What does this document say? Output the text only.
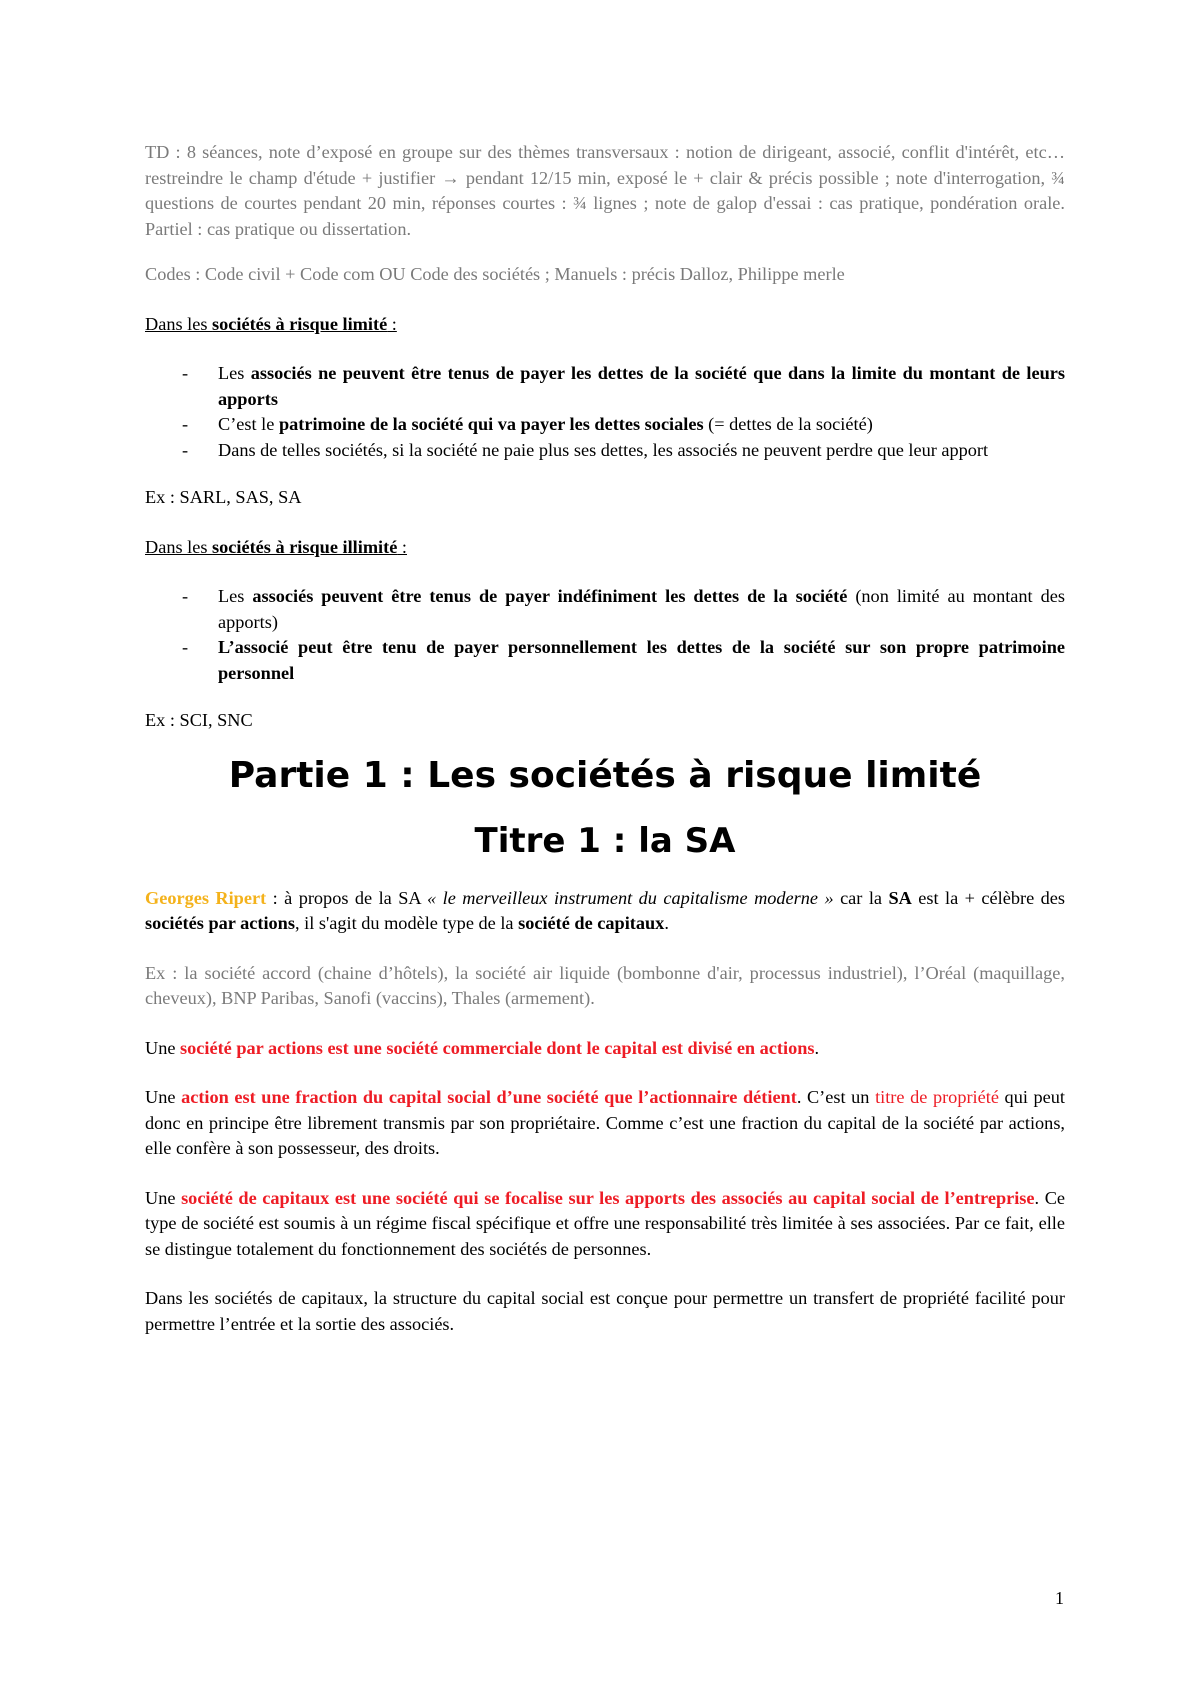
TD : 8 séances, note d’exposé en groupe sur des thèmes transversaux : notion de dirigeant, associé, conflit d'intérêt, etc… restreindre le champ d'étude + justifier → pendant 12/15 min, exposé le + clair & précis possible ; note d'interrogation, ¾ questions de courtes pendant 20 min, réponses courtes : ¾ lignes ; note de galop d'essai : cas pratique, pondération orale. Partiel : cas pratique ou dissertation.

Codes : Code civil + Code com OU Code des sociétés ; Manuels : précis Dalloz, Philippe merle

Dans les sociétés à risque limité :

- Les associés ne peuvent être tenus de payer les dettes de la société que dans la limite du montant de leurs apports
- C’est le patrimoine de la société qui va payer les dettes sociales (= dettes de la société)
- Dans de telles sociétés, si la société ne paie plus ses dettes, les associés ne peuvent perdre que leur apport

Ex : SARL, SAS, SA

Dans les sociétés à risque illimité :

- Les associés peuvent être tenus de payer indéfiniment les dettes de la société (non limité au montant des apports)
- L’associé peut être tenu de payer personnellement les dettes de la société sur son propre patrimoine personnel

Ex : SCI, SNC

Partie 1 : Les sociétés à risque limité
Titre 1 : la SA

Georges Ripert : à propos de la SA « le merveilleux instrument du capitalisme moderne » car la SA est la + célèbre des sociétés par actions, il s'agit du modèle type de la société de capitaux.

Ex : la société accord (chaine d’hôtels), la société air liquide (bombonne d'air, processus industriel), l’Oréal (maquillage, cheveux), BNP Paribas, Sanofi (vaccins), Thales (armement).

Une société par actions est une société commerciale dont le capital est divisé en actions.

Une action est une fraction du capital social d’une société que l’actionnaire détient. C’est un titre de propriété qui peut donc en principe être librement transmis par son propriétaire. Comme c’est une fraction du capital de la société par actions, elle confère à son possesseur, des droits.

Une société de capitaux est une société qui se focalise sur les apports des associés au capital social de l’entreprise. Ce type de société est soumis à un régime fiscal spécifique et offre une responsabilité très limitée à ses associées. Par ce fait, elle se distingue totalement du fonctionnement des sociétés de personnes.

Dans les sociétés de capitaux, la structure du capital social est conçue pour permettre un transfert de propriété facilité pour permettre l’entrée et la sortie des associés.

1
